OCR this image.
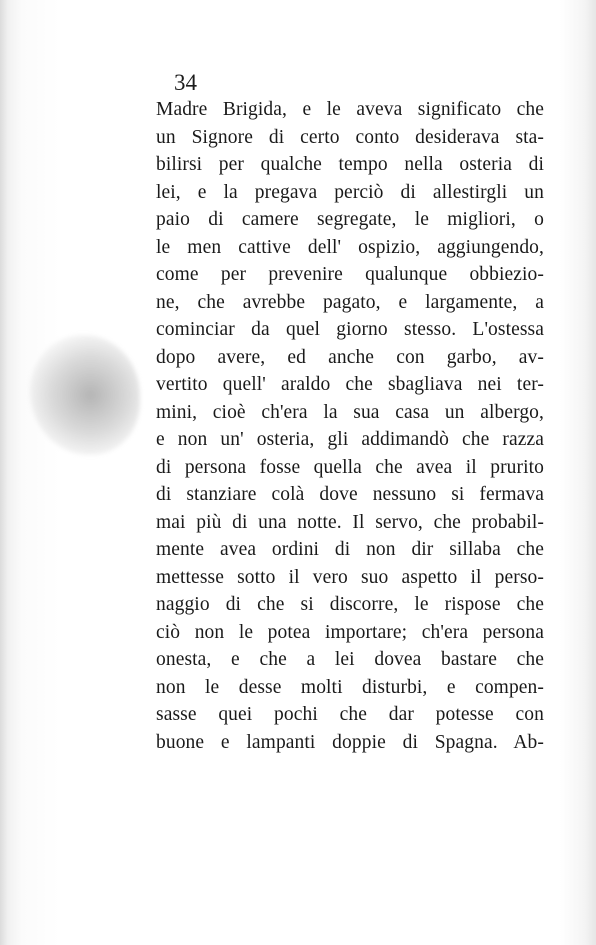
34
Madre Brigida, e le aveva significato che
un Signore di certo conto desiderava sta-
bilirsi per qualche tempo nella osteria di
lei, e la pregava perciò di allestirgli un
paio di camere segregate, le migliori, o
le men cattive dell' ospizio, aggiungendo,
come per prevenire qualunque obbiezio-
ne, che avrebbe pagato, e largamente, a
cominciar da quel giorno stesso. L'ostessa
dopo avere, ed anche con garbo, av-
vertito quell' araldo che sbagliava nei ter-
mini, cioè ch'era la sua casa un albergo,
e non un' osteria, gli addimandò che razza
di persona fosse quella che avea il prurito
di stanziare colà dove nessuno si fermava
mai più di una notte. Il servo, che probabil-
mente avea ordini di non dir sillaba che
mettesse sotto il vero suo aspetto il perso-
naggio di che si discorre, le rispose che
ciò non le potea importare; ch'era persona
onesta, e che a lei dovea bastare che
non le desse molti disturbi, e compen-
sasse quei pochi che dar potesse con
buone e lampanti doppie di Spagna. Ab-
